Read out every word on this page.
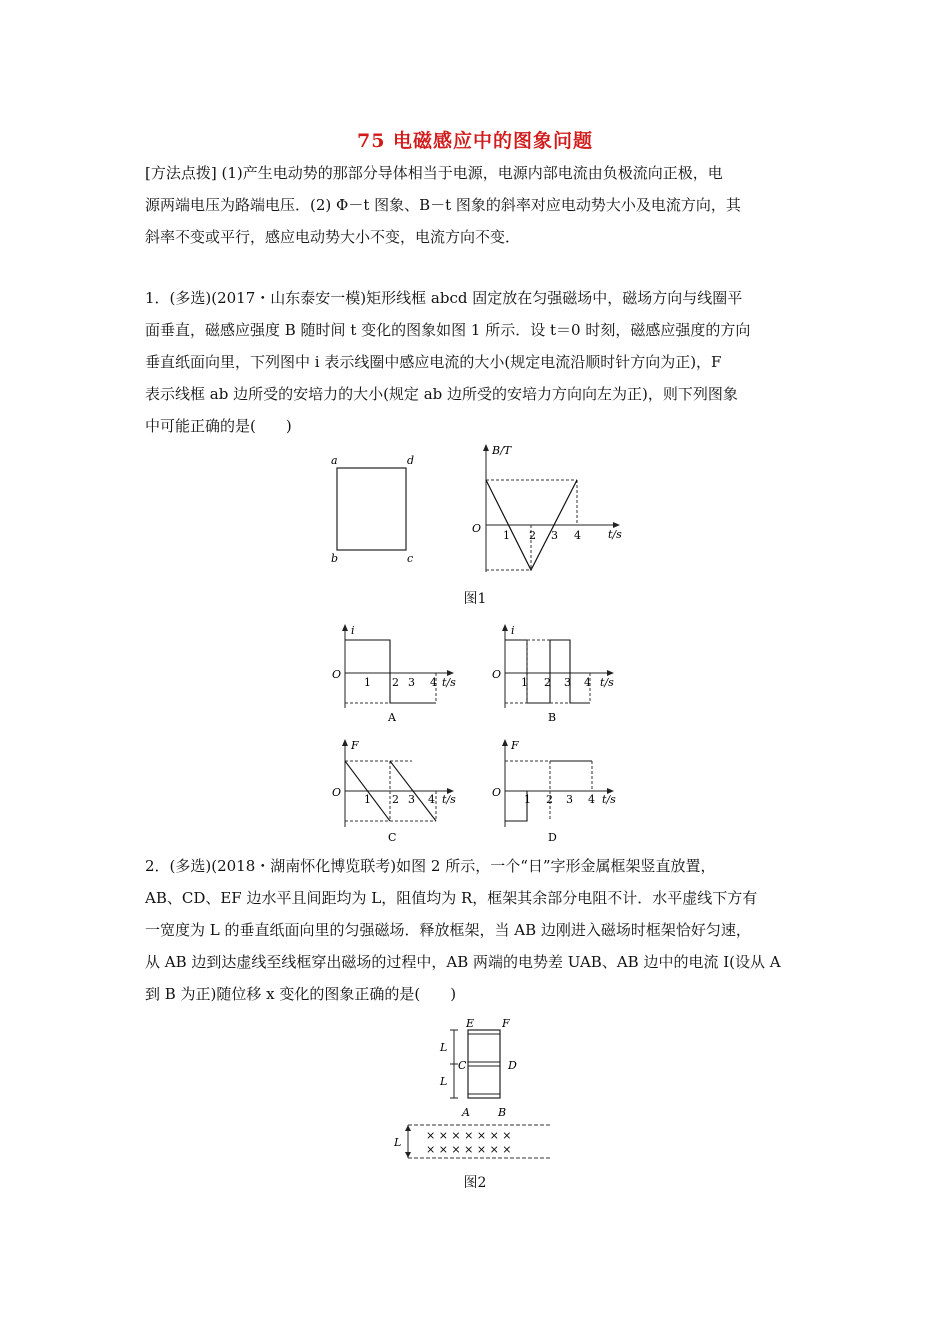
75 电磁感应中的图象问题
[方法点拨] (1)产生电动势的那部分导体相当于电源，电源内部电流由负极流向正极，电
源两端电压为路端电压．(2) Φ－t 图象、B－t 图象的斜率对应电动势大小及电流方向，其
斜率不变或平行，感应电动势大小不变，电流方向不变．
1．(多选)(2017・山东泰安一模)矩形线框 abcd 固定放在匀强磁场中，磁场方向与线圈平
面垂直，磁感应强度 B 随时间 t 变化的图象如图 1 所示．设 t＝0 时刻，磁感应强度的方向
垂直纸面向里，下列图中 i 表示线圈中感应电流的大小(规定电流沿顺时针方向为正)，F
表示线框 ab 边所受的安培力的大小(规定 ab 边所受的安培力方向向左为正)，则下列图象
中可能正确的是(　　)
a	d
b	c
B/T
t/s
O
1 2 3 4
图1
i
t/s
O
1 2 3 4
A
i
t/s
O
1 2 3 4
B
F
t/s
O
1 2 3 4
C
F
t/s
O
1 2 3 4
D
2．(多选)(2018・湖南怀化博览联考)如图 2 所示，一个“日”字形金属框架竖直放置，
AB、CD、EF 边水平且间距均为 L，阻值均为 R，框架其余部分电阻不计．水平虚线下方有
一宽度为 L 的垂直纸面向里的匀强磁场．释放框架，当 AB 边刚进入磁场时框架恰好匀速，
从 AB 边到达虚线至线框穿出磁场的过程中，AB 两端的电势差 UAB、AB 边中的电流 I(设从 A
到 B 为正)随位移 x 变化的图象正确的是(　　)
L
L
E	F
C	D
A	B
L
× × × × × × ×
× × × × × × ×
图2
